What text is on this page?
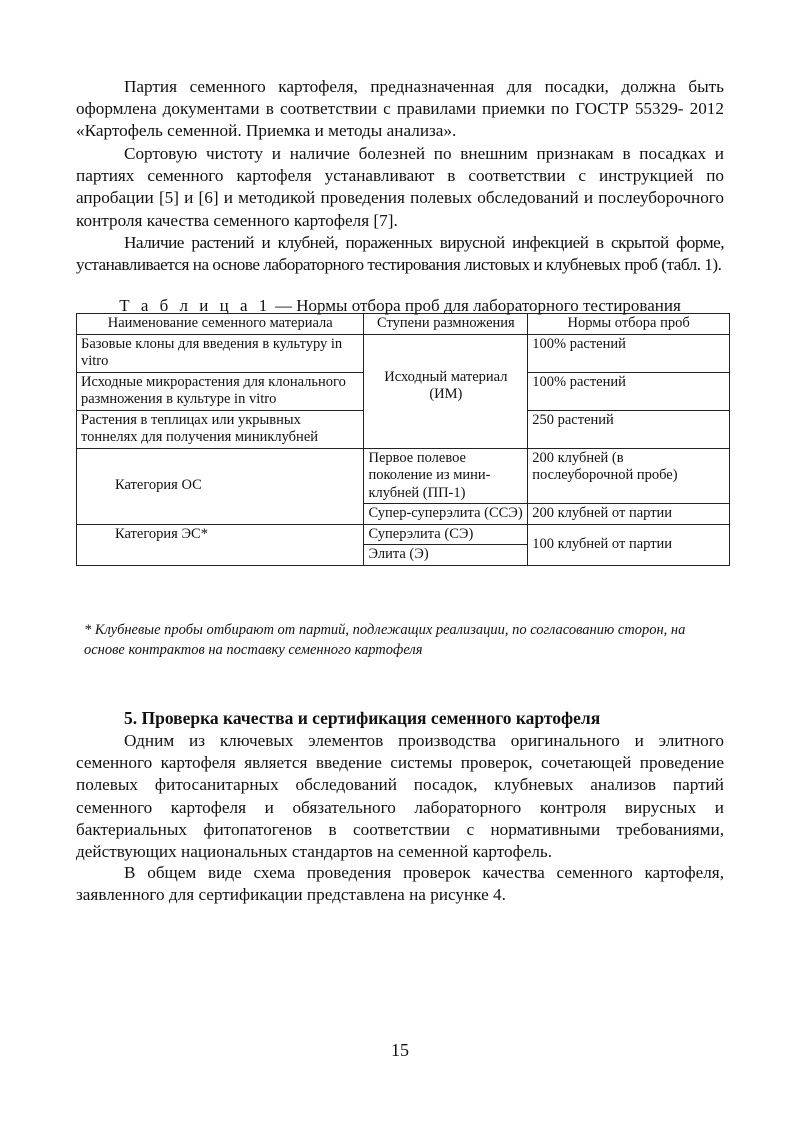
Партия семенного картофеля, предназначенная для посадки, должна быть оформлена документами в соответствии с правилами приемки по ГОСТР 55329- 2012 «Картофель семенной. Приемка и методы анализа».

Сортовую чистоту и наличие болезней по внешним признакам в посадках и партиях семенного картофеля устанавливают в соответствии с инструкцией по апробации [5] и [6] и методикой проведения полевых обследований и послеуборочного контроля качества семенного картофеля [7].

Наличие растений и клубней, пораженных вирусной инфекцией в скрытой форме, устанавливается на основе лабораторного тестирования листовых и клубневых проб (табл. 1).

Т а б л и ц а 1 — Нормы отбора проб для лабораторного тестирования

Наименование семенного материала	Ступени размножения	Нормы отбора проб
Базовые клоны для введения в культуру in vitro	Исходный материал (ИМ)	100% растений
Исходные микрорастения для клонального размножения в культуре in vitro		100% растений
Растения в теплицах или укрывных тоннелях для получения миниклубней		250 растений
Категория ОС	Первое полевое поколение из мини-клубней (ПП-1)	200 клубней (в послеуборочной пробе)
	Супер-суперэлита (ССЭ)	200 клубней от партии
Категория ЭС*	Суперэлита (СЭ)	100 клубней от партии
	Элита (Э)	

* Клубневые пробы отбирают от партий, подлежащих реализации, по согласованию сторон, на основе контрактов на поставку семенного картофеля

5. Проверка качества и сертификация семенного картофеля

Одним из ключевых элементов производства оригинального и элитного семенного картофеля является введение системы проверок, сочетающей проведение полевых фитосанитарных обследований посадок, клубневых анализов партий семенного картофеля и обязательного лабораторного контроля вирусных и бактериальных фитопатогенов в соответствии с нормативными требованиями, действующих национальных стандартов на семенной картофель.

В общем виде схема проведения проверок качества семенного картофеля, заявленного для сертификации представлена на рисунке 4.

15
